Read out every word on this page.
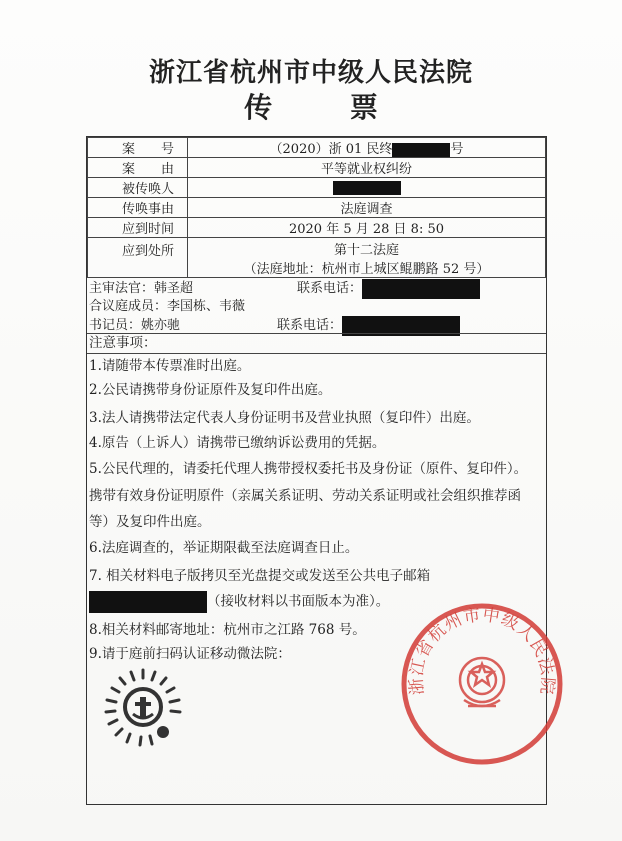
浙江省杭州市中级人民法院
传 票
案　　号	（2020）浙 01 民终 号
案　　由	平等就业权纠纷
被传唤人	
传唤事由	法庭调查
应到时间	2020 年 5 月 28 日 8: 50
应到处所	第十二法庭
（法庭地址：杭州市上城区鲲鹏路 52 号）
主审法官：韩圣超	联系电话：
合议庭成员：李国栋、韦薇
书记员：姚亦驰	联系电话：
注意事项：
1.请随带本传票准时出庭。
2.公民请携带身份证原件及复印件出庭。
3.法人请携带法定代表人身份证明书及营业执照（复印件）出庭。
4.原告（上诉人）请携带已缴纳诉讼费用的凭据。
5.公民代理的，请委托代理人携带授权委托书及身份证（原件、复印件）。
携带有效身份证明原件（亲属关系证明、劳动关系证明或社会组织推荐函
等）及复印件出庭。
6.法庭调查的，举证期限截至法庭调查日止。
7. 相关材料电子版拷贝至光盘提交或发送至公共电子邮箱
（接收材料以书面版本为准）。
8.相关材料邮寄地址：杭州市之江路 768 号。
9.请于庭前扫码认证移动微法院：
浙江省杭州市中级人民法院
